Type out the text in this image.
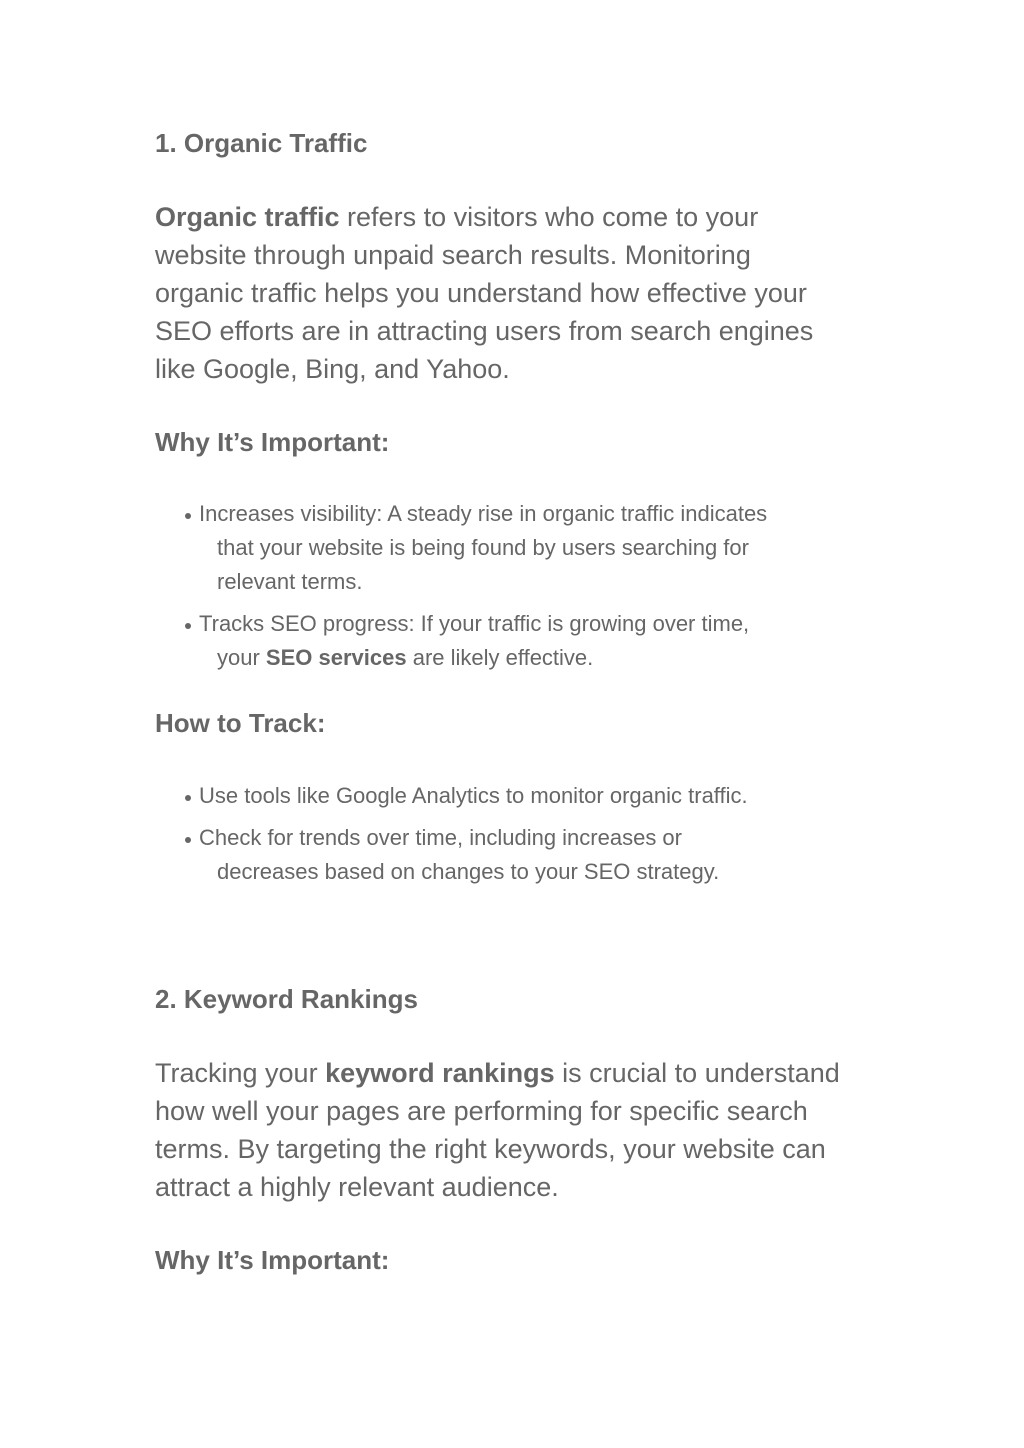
1. Organic Traffic
Organic traffic refers to visitors who come to your
website through unpaid search results. Monitoring
organic traffic helps you understand how effective your
SEO efforts are in attracting users from search engines
like Google, Bing, and Yahoo.
Why It’s Important:
Increases visibility: A steady rise in organic traffic indicates
that your website is being found by users searching for
relevant terms.
Tracks SEO progress: If your traffic is growing over time,
your SEO services are likely effective.
How to Track:
Use tools like Google Analytics to monitor organic traffic.
Check for trends over time, including increases or
decreases based on changes to your SEO strategy.
2. Keyword Rankings
Tracking your keyword rankings is crucial to understand
how well your pages are performing for specific search
terms. By targeting the right keywords, your website can
attract a highly relevant audience.
Why It’s Important:
